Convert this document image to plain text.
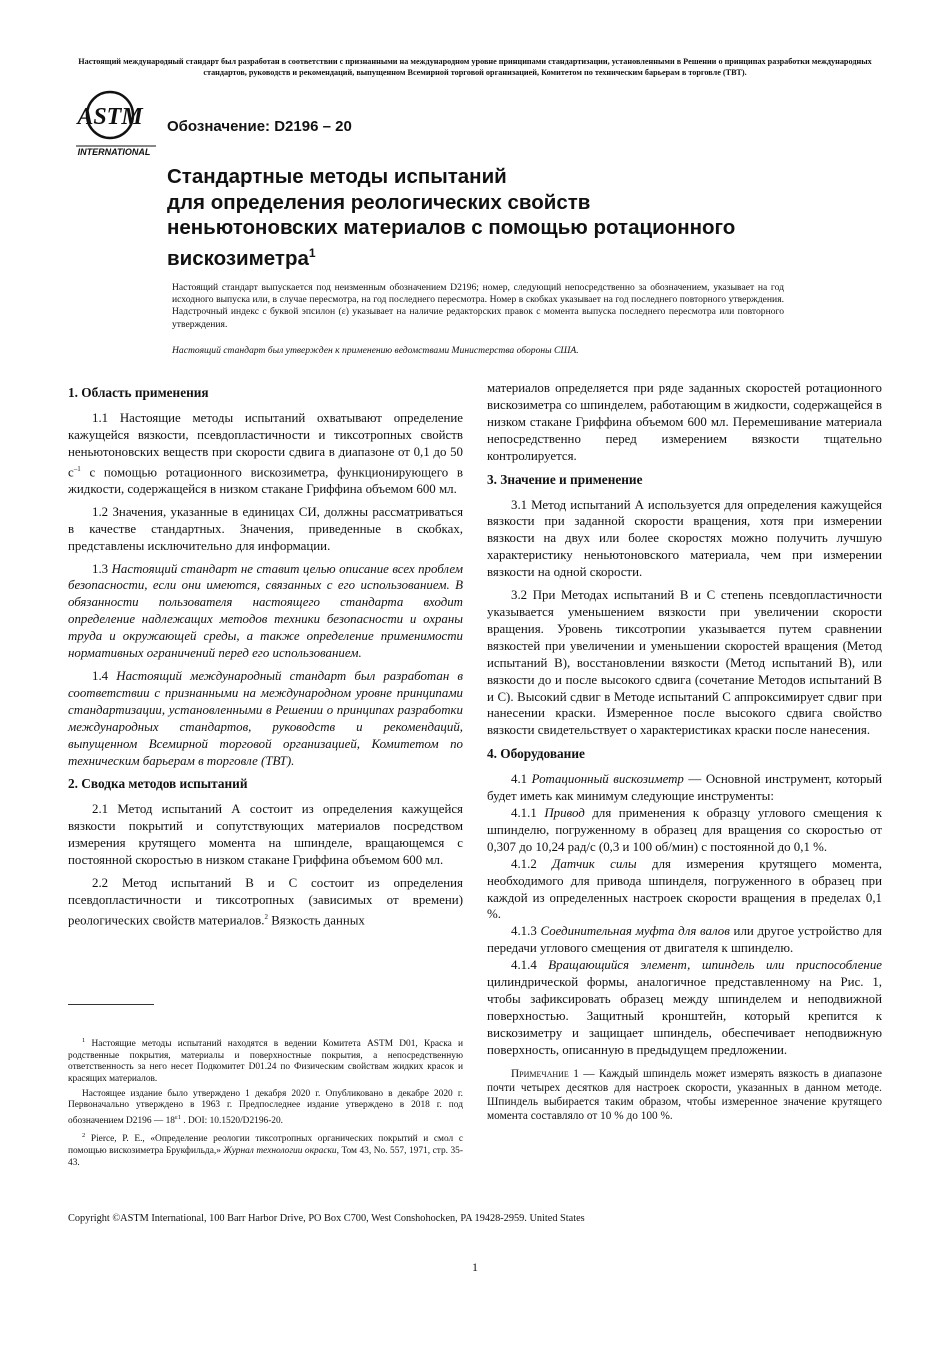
Настоящий международный стандарт был разработан в соответствии с признанными на международном уровне принципами стандартизации, установленными в Решении о принципах разработки международных стандартов, руководств и рекомендаций, выпущенном Всемирной торговой организацией, Комитетом по техническим барьерам в торговле (ТВТ).
ASTM
INTERNATIONAL
Обозначение: D2196 – 20
Стандартные методы испытаний
для определения реологических свойств
неньютоновских материалов с помощью ротационного
вискозиметра$^1$
Настоящий стандарт выпускается под неизменным обозначением D2196; номер, следующий непосредственно за обозначением, указывает на год исходного выпуска или, в случае пересмотра, на год последнего пересмотра. Номер в скобках указывает на год последнего повторного утверждения. Надстрочный индекс с буквой эпсилон (ε) указывает на наличие редакторских правок с момента выпуска последнего пересмотра или повторного утверждения.
Настоящий стандарт был утвержден к применению ведомствами Министерства обороны США.
1. Область применения

1.1 Настоящие методы испытаний охватывают определение кажущейся вязкости, псевдопластичности и тиксотропных свойств неньютоновских веществ при скорости сдвига в диапазоне от 0,1 до 50 $с^{-1}$ с помощью ротационного вискозиметра, функционирующего в жидкости, содержащейся в низком стакане Гриффина объемом 600 мл.

1.2 Значения, указанные в единицах СИ, должны рассматриваться в качестве стандартных. Значения, приведенные в скобках, представлены исключительно для информации.

1.3 Настоящий стандарт не ставит целью описание всех проблем безопасности, если они имеются, связанных с его использованием. В обязанности пользователя настоящего стандарта входит определение надлежащих методов техники безопасности и охраны труда и окружающей среды, а также определение применимости нормативных ограничений перед его использованием.

1.4 Настоящий международный стандарт был разработан в соответствии с признанными на международном уровне принципами стандартизации, установленными в Решении о принципах разработки международных стандартов, руководств и рекомендаций, выпущенном Всемирной торговой организацией, Комитетом по техническим барьерам в торговле (ТВТ).

2. Сводка методов испытаний

2.1 Метод испытаний А состоит из определения кажущейся вязкости покрытий и сопутствующих материалов посредством измерения крутящего момента на шпинделе, вращающемся с постоянной скоростью в низком стакане Гриффина объемом 600 мл.

2.2 Метод испытаний В и С состоит из определения псевдопластичности и тиксотропных (зависимых от времени) реологических свойств материалов.$^2$ Вязкость данных

$^1$ Настоящие методы испытаний находятся в ведении Комитета ASTM D01, Краска и родственные покрытия, материалы и поверхностные покрытия, а непосредственную ответственность за него несет Подкомитет D01.24 по Физическим свойствам жидких красок и красящих материалов.

Настоящее издание было утверждено 1 декабря 2020 г. Опубликовано в декабре 2020 г. Первоначально утверждено в 1963 г. Предпоследнее издание утверждено в 2018 г. под обозначением D2196 — $18^{\varepsilon 1}$ . DOI: 10.1520/D2196-20.

$^2$ Pierce, P. E., «Определение реологии тиксотропных органических покрытий и смол с помощью вискозиметра Брукфильда,» Журнал технологии окраски, Том 43, No. 557, 1971, стр. 35-43.

материалов определяется при ряде заданных скоростей ротационного вискозиметра со шпинделем, работающим в жидкости, содержащейся в низком стакане Гриффина объемом 600 мл. Перемешивание материала непосредственно перед измерением вязкости тщательно контролируется.

3. Значение и применение

3.1 Метод испытаний А используется для определения кажущейся вязкости при заданной скорости вращения, хотя при измерении вязкости на двух или более скоростях можно получить лучшую характеристику неньютоновского материала, чем при измерении вязкости на одной скорости.

3.2 При Методах испытаний В и С степень псевдопластичности указывается уменьшением вязкости при увеличении скорости вращения. Уровень тиксотропии указывается путем сравнении вязкостей при увеличении и уменьшении скоростей вращения (Метод испытаний В), восстановлении вязкости (Метод испытаний В), или вязкости до и после высокого сдвига (сочетание Методов испытаний В и С). Высокий сдвиг в Методе испытаний С аппроксимирует сдвиг при нанесении краски. Измеренное после высокого сдвига свойство вязкости свидетельствует о характеристиках краски после нанесения.

4. Оборудование

4.1 Ротационный вискозиметр — Основной инструмент, который будет иметь как минимум следующие инструменты:

4.1.1 Привод для применения к образцу углового смещения к шпинделю, погруженному в образец для вращения со скоростью от 0,307 до 10,24 рад/с (0,3 и 100 об/мин) с постоянной до 0,1 %.

4.1.2 Датчик силы для измерения крутящего момента, необходимого для привода шпинделя, погруженного в образец при каждой из определенных настроек скорости вращения в пределах 0,1 %.

4.1.3 Соединительная муфта для валов или другое устройство для передачи углового смещения от двигателя к шпинделю.

4.1.4 Вращающийся элемент, шпиндель или приспособление цилиндрической формы, аналогичное представленному на Рис. 1, чтобы зафиксировать образец между шпинделем и неподвижной поверхностью. Защитный кронштейн, который крепится к вискозиметру и защищает шпиндель, обеспечивает неподвижную поверхность, описанную в предыдущем предложении.

Примечание 1 — Каждый шпиндель может измерять вязкость в диапазоне почти четырех десятков для настроек скорости, указанных в данном методе. Шпиндель выбирается таким образом, чтобы измеренное значение крутящего момента составляло от 10 % до 100 %.

Copyright ©ASTM International, 100 Barr Harbor Drive, PO Box C700, West Conshohocken, PA 19428-2959. United States
1
